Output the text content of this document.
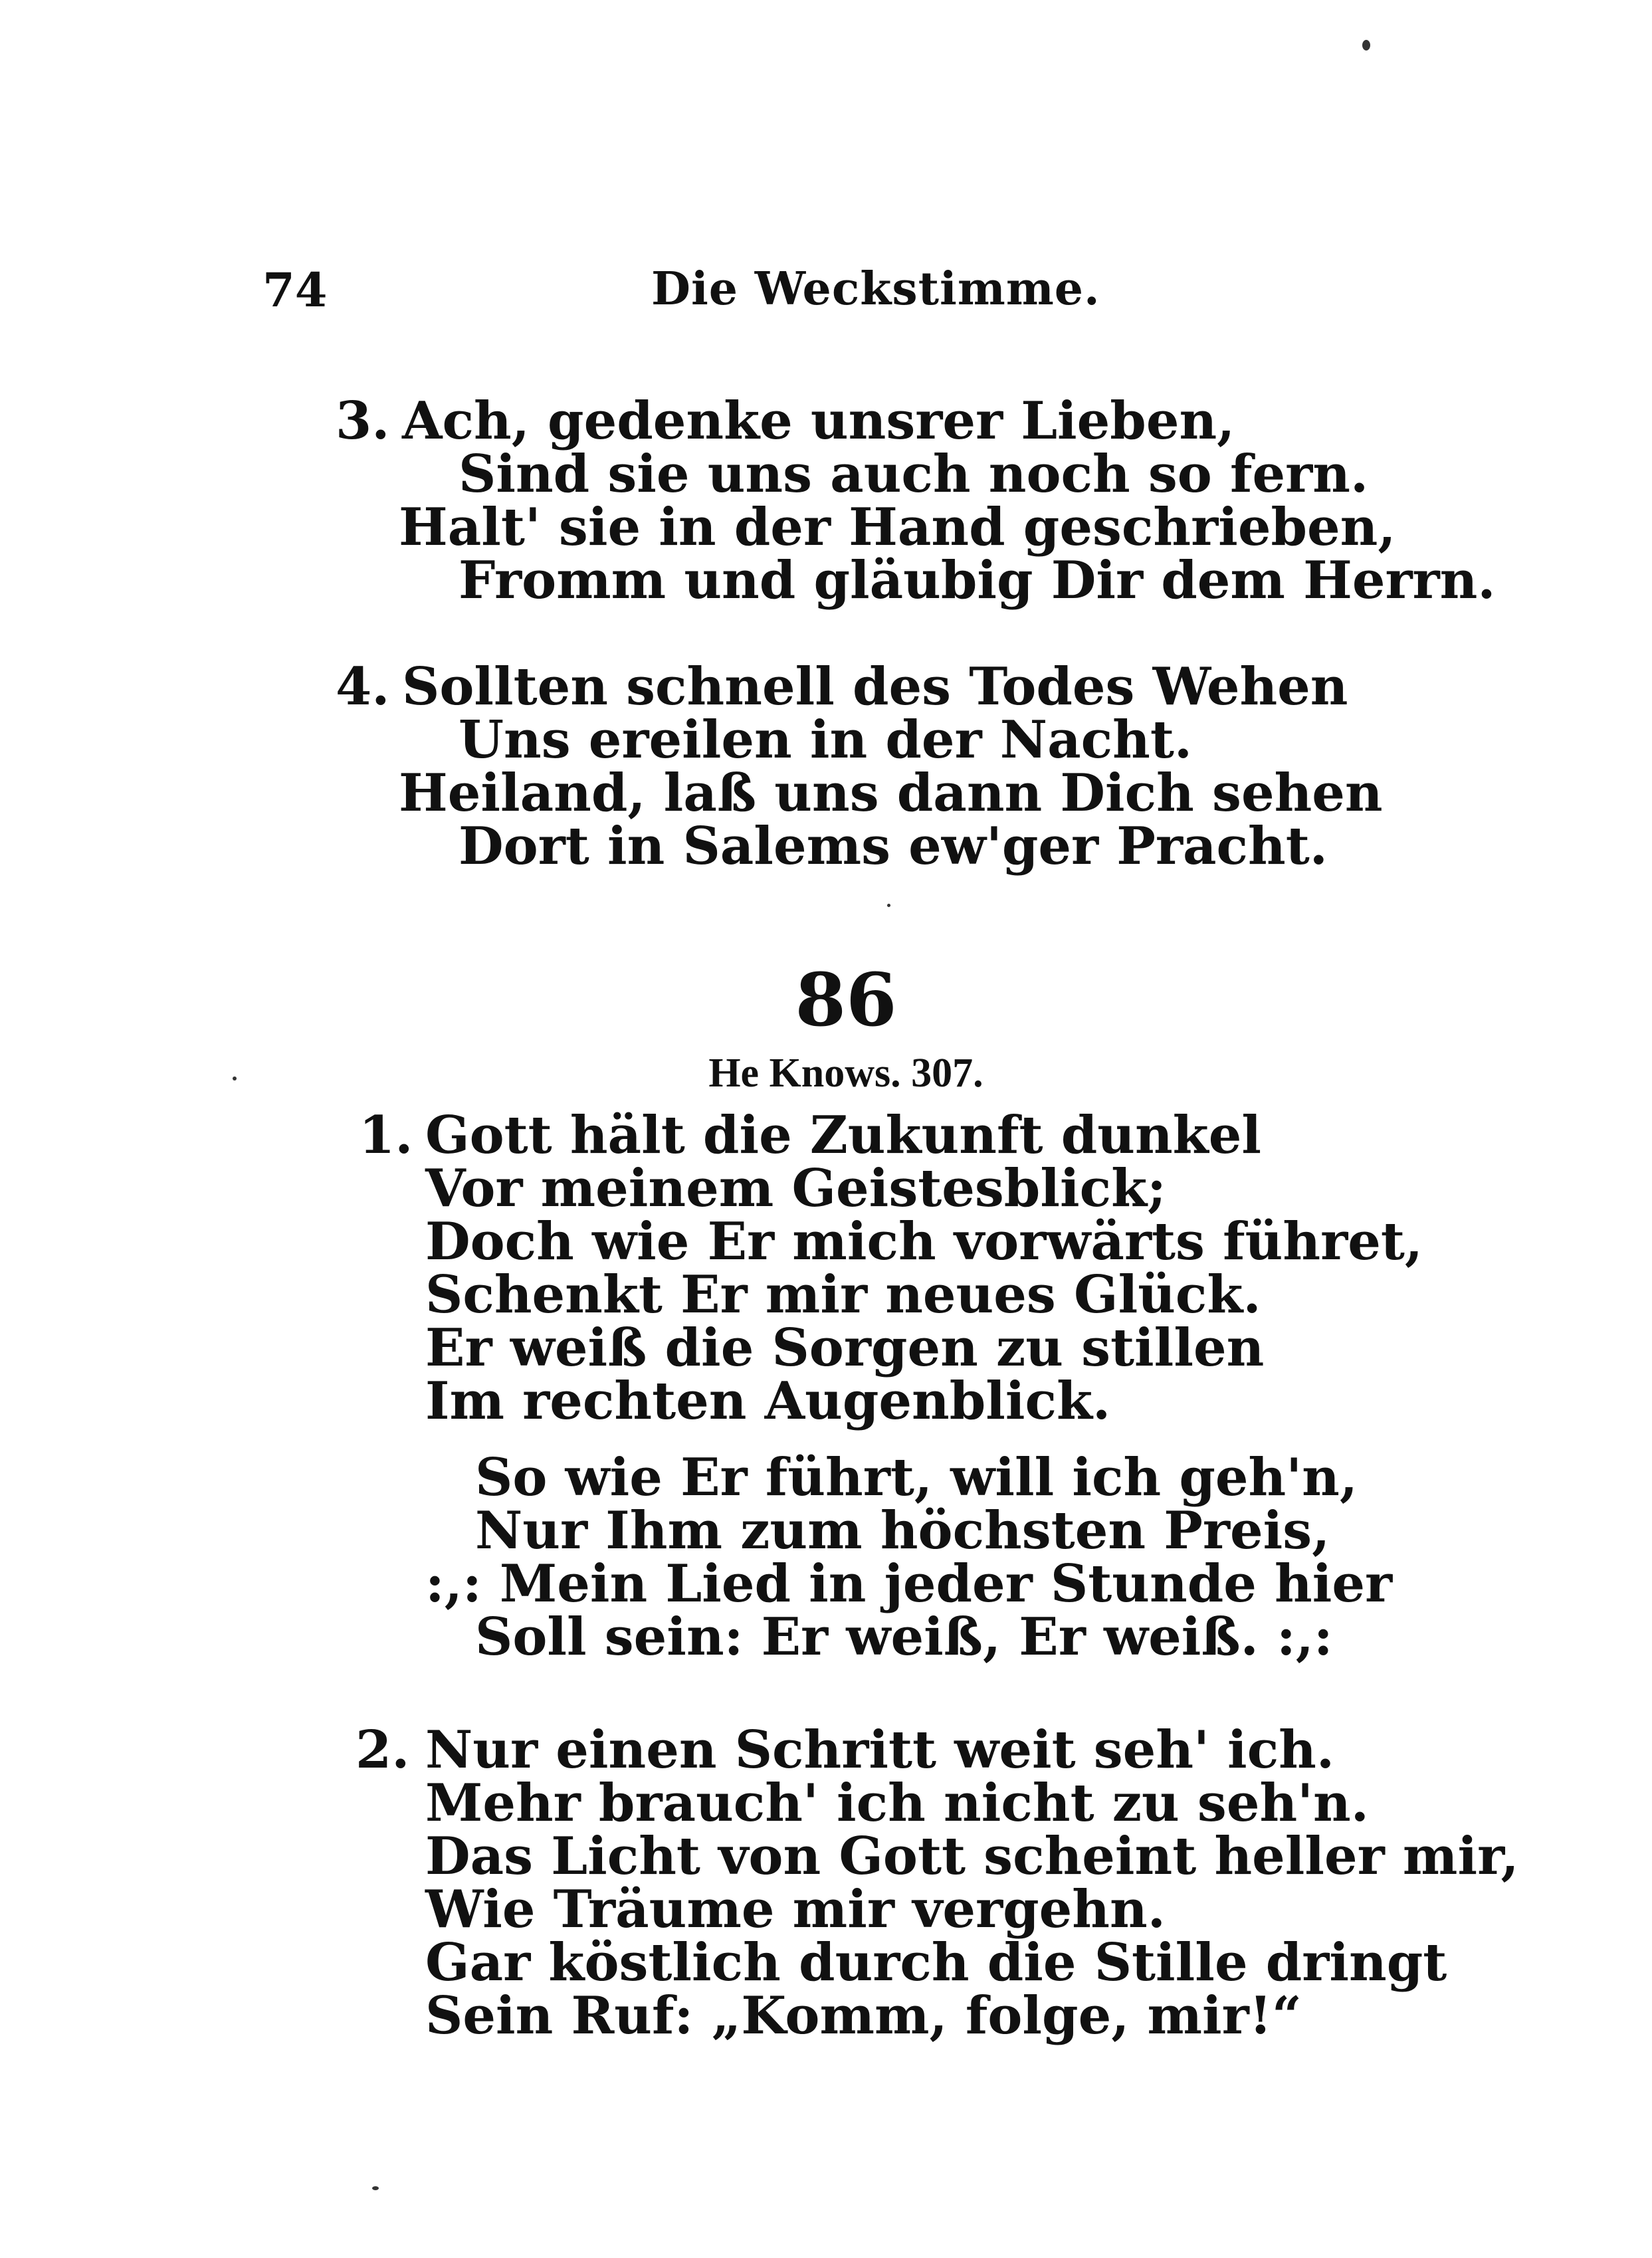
74	Die Weckstimme.
3. Ach, gedenke unsrer Lieben,
Sind sie uns auch noch so fern.
Halt' sie in der Hand geschrieben,
Fromm und gläubig Dir dem Herrn.
4. Sollten schnell des Todes Wehen
Uns ereilen in der Nacht.
Heiland, laß uns dann Dich sehen
Dort in Salems ew'ger Pracht.
86
He Knows. 307.
1. Gott hält die Zukunft dunkel
Vor meinem Geistesblick;
Doch wie Er mich vorwärts führet,
Schenkt Er mir neues Glück.
Er weiß die Sorgen zu stillen
Im rechten Augenblick.
So wie Er führt, will ich geh'n,
Nur Ihm zum höchsten Preis,
:,: Mein Lied in jeder Stunde hier
Soll sein: Er weiß, Er weiß. :,:
2. Nur einen Schritt weit seh' ich.
Mehr brauch' ich nicht zu seh'n.
Das Licht von Gott scheint heller mir,
Wie Träume mir vergehn.
Gar köstlich durch die Stille dringt
Sein Ruf: „Komm, folge, mir!“
